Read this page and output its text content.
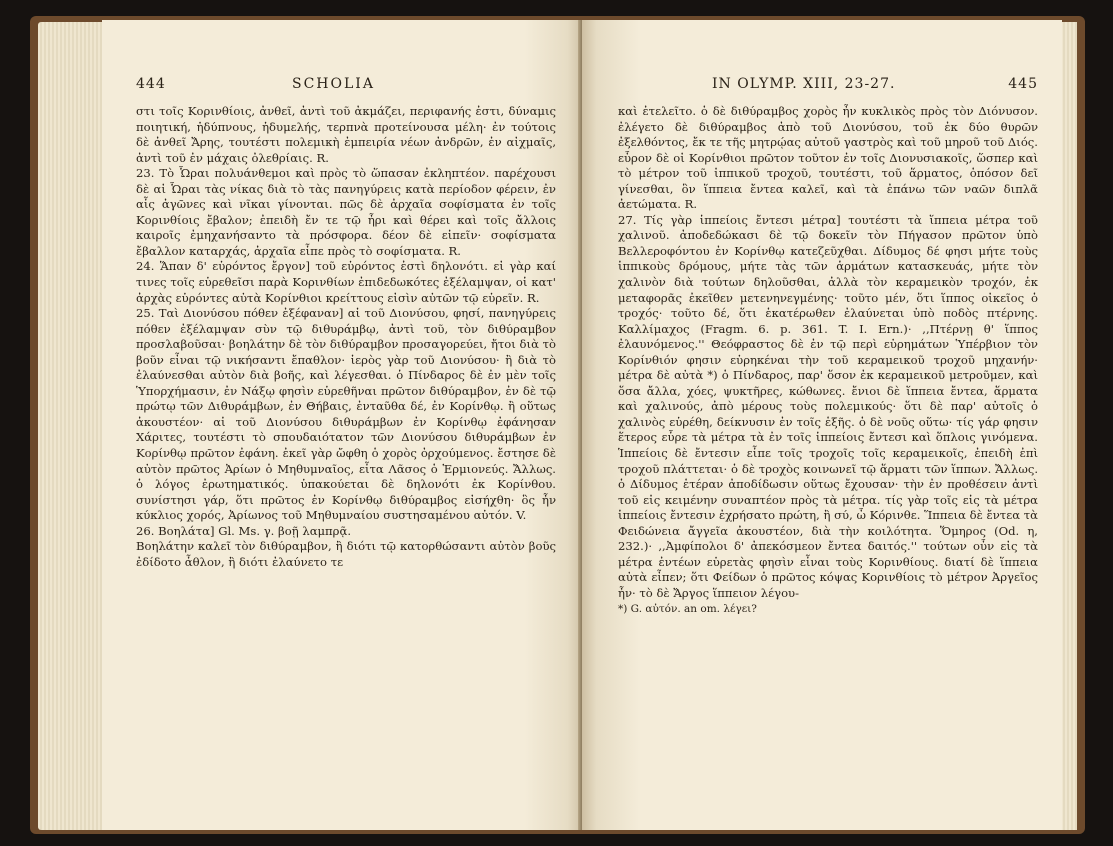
444	SCHOLIA

στι τοῖς Κορινθίοις, ἀνθεῖ, ἀντὶ τοῦ ἀκμάζει, περιφανής ἐστι, δύναμις ποιητική, ἡδύπνους, ἡδυμελής, τερπνὰ προτείνουσα μέλη· ἐν τούτοις δὲ ἀνθεῖ Ἄρης, τουτέστι πολεμικὴ ἐμπειρία νέων ἀνδρῶν, ἐν αἰχμαῖς, ἀντὶ τοῦ ἐν μάχαις ὀλεθρίαις. R.

23. Τὸ Ὧραι πολυάνθεμοι καὶ πρὸς τὸ ὥπασαν ἐκληπτέον. παρέχουσι δὲ αἱ Ὧραι τὰς νίκας διὰ τὸ τὰς πανηγύρεις κατὰ περίοδον φέρειν, ἐν αἷς ἀγῶνες καὶ νῖκαι γίνονται. πῶς δὲ ἀρχαῖα σοφίσματα ἐν τοῖς Κορινθίοις ἔβαλον; ἐπειδὴ ἔν τε τῷ ἦρι καὶ θέρει καὶ τοῖς ἄλλοις καιροῖς ἐμηχανήσαντο τὰ πρόσφορα. δέον δὲ εἰπεῖν· σοφίσματα ἔβαλλον καταρχάς, ἀρχαῖα εἶπε πρὸς τὸ σοφίσματα. R.

24. Ἅπαν δ' εὑρόντος ἔργον] τοῦ εὑρόντος ἐστὶ δηλονότι. εἰ γὰρ καί τινες τοῖς εὑρεθεῖσι παρὰ Κορινθίων ἐπιδεδωκότες ἐξέλαμψαν, οἱ κατ' ἀρχὰς εὑρόντες αὐτὰ Κορίνθιοι κρείττους εἰσὶν αὐτῶν τῷ εὑρεῖν. R.

25. Ταὶ Διονύσου πόθεν ἐξέφαναν] αἱ τοῦ Διονύσου, φησί, πανηγύρεις πόθεν ἐξέλαμψαν σὺν τῷ διθυράμβῳ, ἀντὶ τοῦ, τὸν διθύραμβον προσλαβοῦσαι· βοηλάτην δὲ τὸν διθύραμβον προσαγορεύει, ἤτοι διὰ τὸ βοῦν εἶναι τῷ νικήσαντι ἔπαθλον· ἱερὸς γὰρ τοῦ Διονύσου· ἢ διὰ τὸ ἐλαύνεσθαι αὐτὸν διὰ βοῆς, καὶ λέγεσθαι. ὁ Πίνδαρος δὲ ἐν μὲν τοῖς Ὑπορχήμασιν, ἐν Νάξῳ φησὶν εὑρεθῆναι πρῶτον διθύραμβον, ἐν δὲ τῷ πρώτῳ τῶν Διθυράμβων, ἐν Θήβαις, ἐνταῦθα δέ, ἐν Κορίνθῳ. ἢ οὕτως ἀκουστέον· αἱ τοῦ Διονύσου διθυράμβων ἐν Κορίνθῳ ἐφάνησαν Χάριτες, τουτέστι τὸ σπουδαιότατον τῶν Διονύσου διθυράμβων ἐν Κορίνθῳ πρῶτον ἐφάνη. ἐκεῖ γὰρ ὤφθη ὁ χορὸς ὀρχούμενος. ἔστησε δὲ αὐτὸν πρῶτος Ἀρίων ὁ Μηθυμναῖος, εἶτα Λᾶσος ὁ Ἑρμιονεύς. Ἄλλως. ὁ λόγος ἐρωτηματικός. ὑπακούεται δὲ δηλονότι ἐκ Κορίνθου. συνίστησι γάρ, ὅτι πρῶτος ἐν Κορίνθῳ διθύραμβος εἰσήχθη· ὃς ἦν κύκλιος χορός, Ἀρίωνος τοῦ Μηθυμναίου συστησαμένου αὐτόν. V.

26. Βοηλάτα] Gl. Ms. γ. βοῇ λαμπρᾷ.

Βοηλάτην καλεῖ τὸν διθύραμβον, ἢ διότι τῷ κατορθώσαντι αὐτὸν βοῦς ἐδίδοτο ἆθλον, ἢ διότι ἐλαύνετο τε

IN OLYMP. XIII, 23-27.	445

καὶ ἐτελεῖτο. ὁ δὲ διθύραμβος χορὸς ἦν κυκλικὸς πρὸς τὸν Διόνυσον. ἐλέγετο δὲ διθύραμβος ἀπὸ τοῦ Διονύσου, τοῦ ἐκ δύο θυρῶν ἐξελθόντος, ἔκ τε τῆς μητρῴας αὐτοῦ γαστρὸς καὶ τοῦ μηροῦ τοῦ Διός. εὗρον δὲ οἱ Κορίνθιοι πρῶτον τοῦτον ἐν τοῖς Διονυσιακοῖς, ὥσπερ καὶ τὸ μέτρον τοῦ ἱππικοῦ τροχοῦ, τουτέστι, τοῦ ἅρματος, ὁπόσον δεῖ γίνεσθαι, ὃν ἵππεια ἔντεα καλεῖ, καὶ τὰ ἐπάνω τῶν ναῶν διπλᾶ ἀετώματα. R.

27. Τίς γὰρ ἱππείοις ἔντεσι μέτρα] τουτέστι τὰ ἵππεια μέτρα τοῦ χαλινοῦ. ἀποδεδώκασι δὲ τῷ δοκεῖν τὸν Πήγασον πρῶτον ὑπὸ Βελλεροφόντου ἐν Κορίνθῳ κατεζεῦχθαι. Δίδυμος δέ φησι μήτε τοὺς ἱππικοὺς δρόμους, μήτε τὰς τῶν ἁρμάτων κατασκευάς, μήτε τὸν χαλινὸν διὰ τούτων δηλοῦσθαι, ἀλλὰ τὸν κεραμεικὸν τροχόν, ἐκ μεταφορᾶς ἐκεῖθεν μετενηνεγμένης· τοῦτο μέν, ὅτι ἵππος οἰκεῖος ὁ τροχός· τοῦτο δέ, ὅτι ἑκατέρωθεν ἐλαύνεται ὑπὸ ποδὸς πτέρνης. Καλλίμαχος (Fragm. 6. p. 361. T. I. Ern.)· ,,Πτέρνῃ θ' ἵππος ἐλαυνόμενος.'' Θεόφραστος δὲ ἐν τῷ περὶ εὑρημάτων Ὑπέρβιον τὸν Κορίνθιόν φησιν εὑρηκέναι τὴν τοῦ κεραμεικοῦ τροχοῦ μηχανήν· μέτρα δὲ αὐτὰ *) ὁ Πίνδαρος, παρ' ὅσον ἐκ κεραμεικοῦ μετροῦμεν, καὶ ὅσα ἄλλα, χόες, ψυκτῆρες, κώθωνες. ἔνιοι δὲ ἵππεια ἔντεα, ἅρματα καὶ χαλινούς, ἀπὸ μέρους τοὺς πολεμικούς· ὅτι δὲ παρ' αὐτοῖς ὁ χαλινὸς εὑρέθη, δείκνυσιν ἐν τοῖς ἑξῆς. ὁ δὲ νοῦς οὕτω· τίς γάρ φησιν ἕτερος εὗρε τὰ μέτρα τὰ ἐν τοῖς ἱππείοις ἔντεσι καὶ ὅπλοις γινόμενα. Ἱππείοις δὲ ἔντεσιν εἶπε τοῖς τροχοῖς τοῖς κεραμεικοῖς, ἐπειδὴ ἐπὶ τροχοῦ πλάττεται· ὁ δὲ τροχὸς κοινωνεῖ τῷ ἅρματι τῶν ἵππων. Ἄλλως. ὁ Δίδυμος ἑτέραν ἀποδίδωσιν οὕτως ἔχουσαν· τὴν ἐν προθέσειν ἀντὶ τοῦ εἰς κειμένην συναπτέον πρὸς τὰ μέτρα. τίς γὰρ τοῖς εἰς τὰ μέτρα ἱππείοις ἔντεσιν ἐχρήσατο πρώτη, ἢ σύ, ὦ Κόρινθε. Ἵππεια δὲ ἔντεα τὰ Φειδώνεια ἄγγεῖα ἀκουστέον, διὰ τὴν κοιλότητα. Ὅμηρος (Od. η, 232.)· ,,Ἀμφίπολοι δ' ἀπεκόσμεον ἔντεα δαιτός.'' τούτων οὖν εἰς τὰ μέτρα ἐντέων εὑρετὰς φησὶν εἶναι τοὺς Κορινθίους. διατί δὲ ἵππεια αὐτὰ εἶπεν; ὅτι Φείδων ὁ πρῶτος κόψας Κορινθίοις τὸ μέτρον Ἀργεῖος ἦν· τὸ δὲ Ἄργος ἵππειον λέγου-

*) G. αὐτόν. an om. λέγει?
